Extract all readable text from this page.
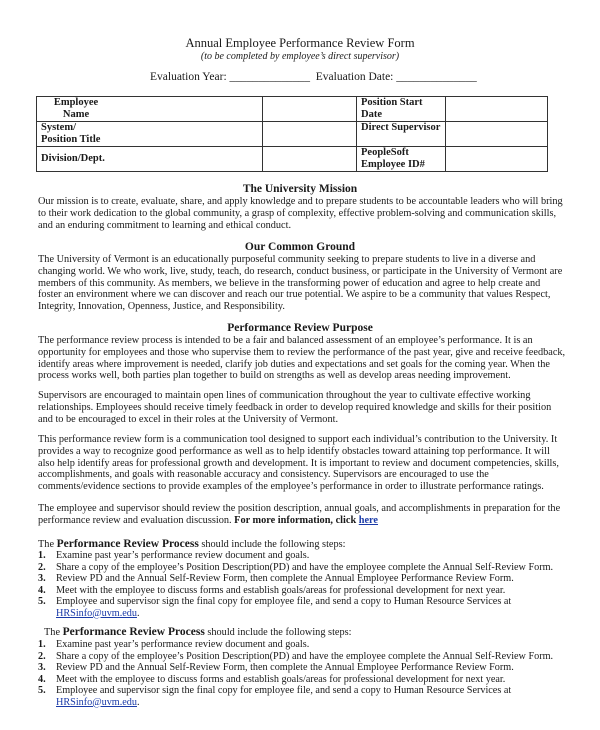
Annual Employee Performance Review Form
(to be completed by employee’s direct supervisor)
Evaluation Year: ______________  Evaluation Date: ______________
Employee Name		Position Start Date	

System/ Position Title		Direct Supervisor	
Division/Dept.		PeopleSoft Employee ID#	
The University Mission
Our mission is to create, evaluate, share, and apply knowledge and to prepare students to be accountable leaders who will bring to their work dedication to the global community, a grasp of complexity, effective problem-solving and communication skills, and an enduring commitment to learning and ethical conduct.
Our Common Ground
The University of Vermont is an educationally purposeful community seeking to prepare students to live in a diverse and changing world. We who work, live, study, teach, do research, conduct business, or participate in the University of Vermont are members of this community. As members, we believe in the transforming power of education and agree to help create and foster an environment where we can discover and reach our true potential. We aspire to be a community that values Respect, Integrity, Innovation, Openness, Justice, and Responsibility.
Performance Review Purpose
The performance review process is intended to be a fair and balanced assessment of an employee’s performance. It is an opportunity for employees and those who supervise them to review the performance of the past year, give and receive feedback, identify areas where improvement is needed, clarify job duties and expectations and set goals for the coming year. When the process works well, both parties plan together to build on strengths as well as develop areas needing improvement.
Supervisors are encouraged to maintain open lines of communication throughout the year to cultivate effective working relationships. Employees should receive timely feedback in order to develop required knowledge and skills for their position and to be encouraged to excel in their roles at the University of Vermont.
This performance review form is a communication tool designed to support each individual’s contribution to the University. It provides a way to recognize good performance as well as to help identify obstacles toward attaining top performance. It will also help identify areas for professional growth and development. It is important to review and document competencies, skills, accomplishments, and goals with reasonable accuracy and consistency. Supervisors are encouraged to use the comments/evidence sections to provide examples of the employee’s performance in order to illustrate performance ratings.
The employee and supervisor should review the position description, annual goals, and accomplishments in preparation for the performance review and evaluation discussion. For more information, click here
The Performance Review Process should include the following steps:
1. Examine past year’s performance review document and goals.
2. Share a copy of the employee’s Position Description(PD) and have the employee complete the Annual Self-Review Form.
3. Review PD and the Annual Self-Review Form, then complete the Annual Employee Performance Review Form.
4. Meet with the employee to discuss forms and establish goals/areas for professional development for next year.
5. Employee and supervisor sign the final copy for employee file, and send a copy to Human Resource Services at
HRSinfo@uvm.edu.
The Performance Review Process should include the following steps:
1. Examine past year’s performance review document and goals.
2. Share a copy of the employee’s Position Description(PD) and have the employee complete the Annual Self-Review Form.
3. Review PD and the Annual Self-Review Form, then complete the Annual Employee Performance Review Form.
4. Meet with the employee to discuss forms and establish goals/areas for professional development for next year.
5. Employee and supervisor sign the final copy for employee file, and send a copy to Human Resource Services at
HRSinfo@uvm.edu.
